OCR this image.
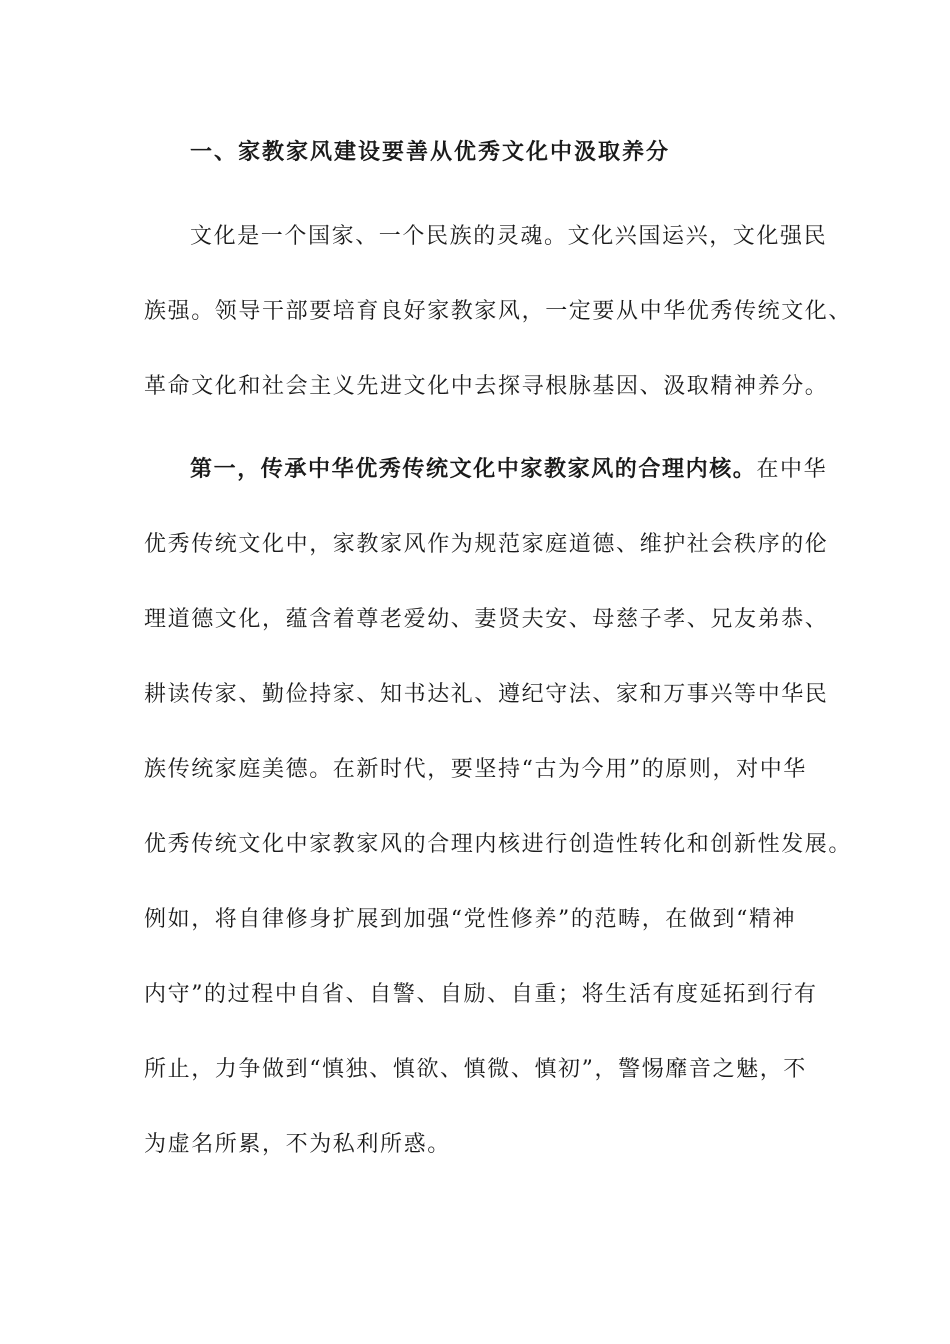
一、家教家风建设要善从优秀文化中汲取养分
文化是一个国家、一个民族的灵魂。文化兴国运兴，文化强民
族强。领导干部要培育良好家教家风，一定要从中华优秀传统文化、
革命文化和社会主义先进文化中去探寻根脉基因、汲取精神养分。
第一，传承中华优秀传统文化中家教家风的合理内核。在中华
优秀传统文化中，家教家风作为规范家庭道德、维护社会秩序的伦
理道德文化，蕴含着尊老爱幼、妻贤夫安、母慈子孝、兄友弟恭、
耕读传家、勤俭持家、知书达礼、遵纪守法、家和万事兴等中华民
族传统家庭美德。在新时代，要坚持“古为今用”的原则，对中华
优秀传统文化中家教家风的合理内核进行创造性转化和创新性发展。
例如，将自律修身扩展到加强“党性修养”的范畴，在做到“精神
内守”的过程中自省、自警、自励、自重；将生活有度延拓到行有
所止，力争做到“慎独、慎欲、慎微、慎初”，警惕靡音之魅，不
为虚名所累，不为私利所惑。
